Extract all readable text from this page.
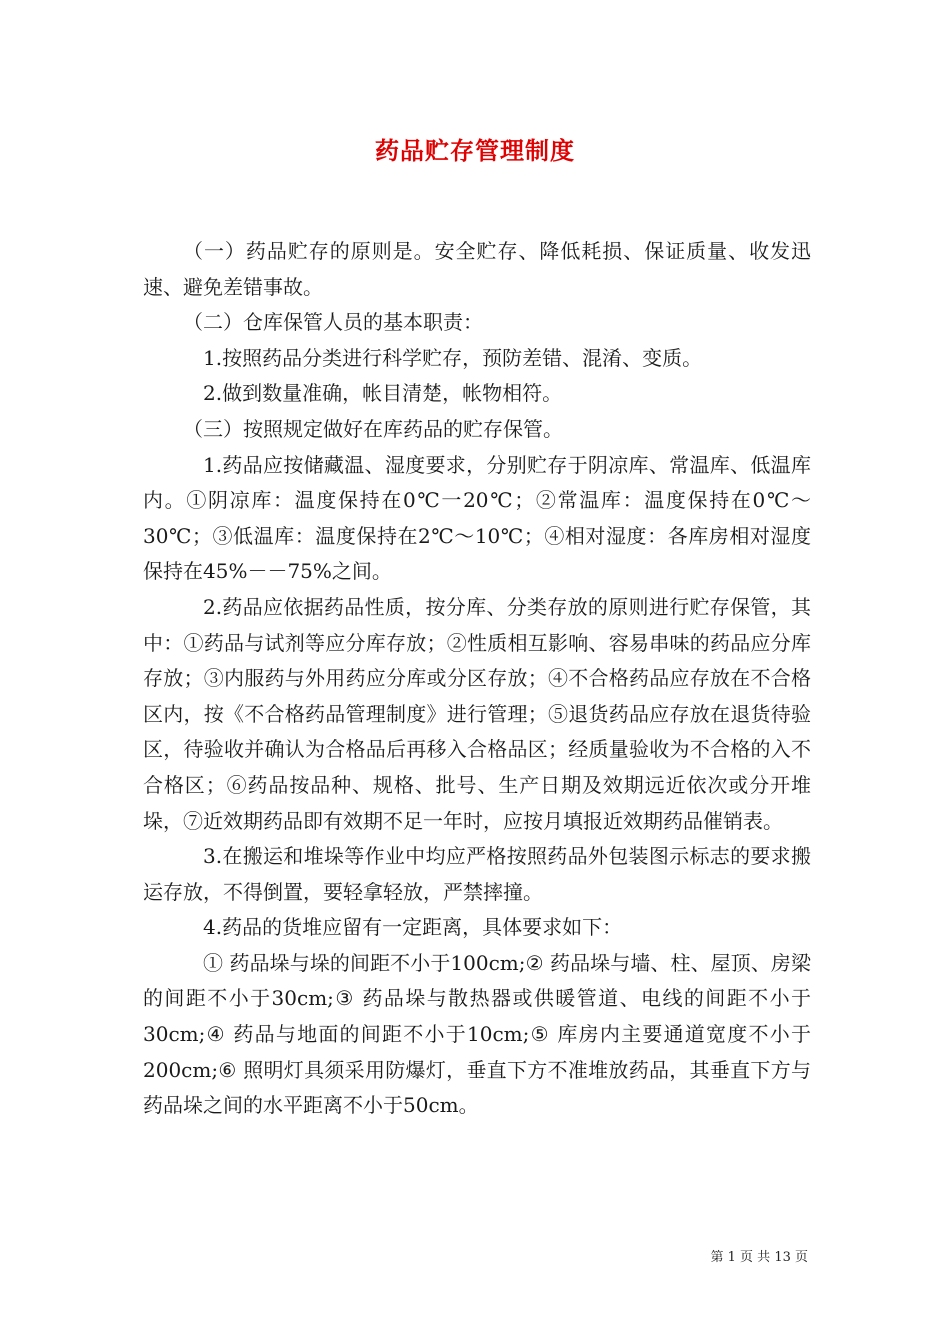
药品贮存管理制度

（一）药品贮存的原则是。安全贮存、降低耗损、保证质量、收发迅速、避免差错事故。

（二）仓库保管人员的基本职责：

1.按照药品分类进行科学贮存，预防差错、混淆、变质。

2.做到数量准确，帐目清楚，帐物相符。

（三）按照规定做好在库药品的贮存保管。

1.药品应按储藏温、湿度要求，分别贮存于阴凉库、常温库、低温库内。①阴凉库：温度保持在0℃一20℃；②常温库：温度保持在0℃～30℃；③低温库：温度保持在2℃～10℃；④相对湿度：各库房相对湿度保持在45%－－75%之间。

2.药品应依据药品性质，按分库、分类存放的原则进行贮存保管，其中：①药品与试剂等应分库存放；②性质相互影响、容易串味的药品应分库存放；③内服药与外用药应分库或分区存放；④不合格药品应存放在不合格区内，按《不合格药品管理制度》进行管理；⑤退货药品应存放在退货待验区，待验收并确认为合格品后再移入合格品区；经质量验收为不合格的入不合格区；⑥药品按品种、规格、批号、生产日期及效期远近依次或分开堆垛，⑦近效期药品即有效期不足一年时，应按月填报近效期药品催销表。

3.在搬运和堆垛等作业中均应严格按照药品外包装图示标志的要求搬运存放，不得倒置，要轻拿轻放，严禁摔撞。

4.药品的货堆应留有一定距离，具体要求如下：

① 药品垛与垛的间距不小于100cm;② 药品垛与墙、柱、屋顶、房梁的间距不小于30cm;③ 药品垛与散热器或供暖管道、电线的间距不小于30cm;④ 药品与地面的间距不小于10cm;⑤ 库房内主要通道宽度不小于200cm;⑥ 照明灯具须采用防爆灯，垂直下方不准堆放药品，其垂直下方与药品垛之间的水平距离不小于50cm。

第 1 页 共 13 页
